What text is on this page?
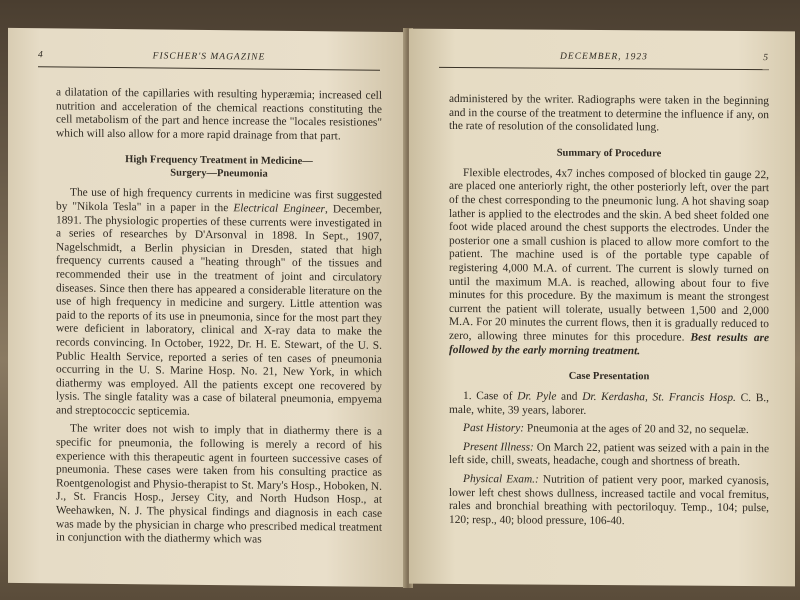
4	FISCHER'S MAGAZINE

a dilatation of the capillaries with resulting hyperæmia; increased cell nutrition and acceleration of the chemical reactions constituting the cell metabolism of the part and hence increase the "locales resistiones" which will also allow for a more rapid drainage from that part.

High Frequency Treatment in Medicine—
Surgery—Pneumonia

The use of high frequency currents in medicine was first suggested by "Nikola Tesla" in a paper in the Electrical Engineer, December, 1891. The physiologic properties of these currents were investigated in a series of researches by D'Arsonval in 1898. In Sept., 1907, Nagelschmidt, a Berlin physician in Dresden, stated that high frequency currents caused a "heating through" of the tissues and recommended their use in the treatment of joint and circulatory diseases. Since then there has appeared a considerable literature on the use of high frequency in medicine and surgery. Little attention was paid to the reports of its use in pneumonia, since for the most part they were deficient in laboratory, clinical and X-ray data to make the records convincing. In October, 1922, Dr. H. E. Stewart, of the U. S. Public Health Service, reported a series of ten cases of pneumonia occurring in the U. S. Marine Hosp. No. 21, New York, in which diathermy was employed. All the patients except one recovered by lysis. The single fatality was a case of bilateral pneumonia, empyema and streptococcic septicemia.

The writer does not wish to imply that in diathermy there is a specific for pneumonia, the following is merely a record of his experience with this therapeutic agent in fourteen successive cases of pneumonia. These cases were taken from his consulting practice as Roentgenologist and Physio-therapist to St. Mary's Hosp., Hoboken, N. J., St. Francis Hosp., Jersey City, and North Hudson Hosp., at Weehawken, N. J. The physical findings and diagnosis in each case was made by the physician in charge who prescribed medical treatment in conjunction with the diathermy which was

DECEMBER, 1923	5

administered by the writer. Radiographs were taken in the beginning and in the course of the treatment to determine the influence if any, on the rate of resolution of the consolidated lung.

Summary of Procedure

Flexible electrodes, 4x7 inches composed of blocked tin gauge 22, are placed one anteriorly right, the other posteriorly left, over the part of the chest corresponding to the pneumonic lung. A hot shaving soap lather is applied to the electrodes and the skin. A bed sheet folded one foot wide placed around the chest supports the electrodes. Under the posterior one a small cushion is placed to allow more comfort to the patient. The machine used is of the portable type capable of registering 4,000 M.A. of current. The current is slowly turned on until the maximum M.A. is reached, allowing about four to five minutes for this procedure. By the maximum is meant the strongest current the patient will tolerate, usually between 1,500 and 2,000 M.A. For 20 minutes the current flows, then it is gradually reduced to zero, allowing three minutes for this procedure. Best results are followed by the early morning treatment.

Case Presentation

1. Case of Dr. Pyle and Dr. Kerdasha, St. Francis Hosp. C. B., male, white, 39 years, laborer.

Past History: Pneumonia at the ages of 20 and 32, no sequelæ.

Present Illness: On March 22, patient was seized with a pain in the left side, chill, sweats, headache, cough and shortness of breath.

Physical Exam.: Nutrition of patient very poor, marked cyanosis, lower left chest shows dullness, increased tactile and vocal fremitus, rales and bronchial breathing with pectoriloquy. Temp., 104; pulse, 120; resp., 40; blood pressure, 106-40.
